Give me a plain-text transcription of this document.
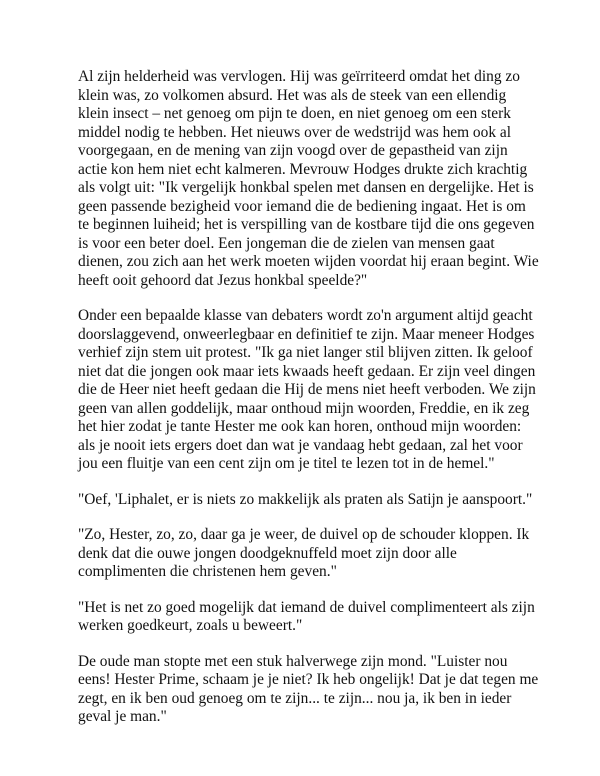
Al zijn helderheid was vervlogen. Hij was geïrriteerd omdat het ding zo klein was, zo volkomen absurd. Het was als de steek van een ellendig klein insect – net genoeg om pijn te doen, en niet genoeg om een sterk middel nodig te hebben. Het nieuws over de wedstrijd was hem ook al voorgegaan, en de mening van zijn voogd over de gepastheid van zijn actie kon hem niet echt kalmeren. Mevrouw Hodges drukte zich krachtig als volgt uit: "Ik vergelijk honkbal spelen met dansen en dergelijke. Het is geen passende bezigheid voor iemand die de bediening ingaat. Het is om te beginnen luiheid; het is verspilling van de kostbare tijd die ons gegeven is voor een beter doel. Een jongeman die de zielen van mensen gaat dienen, zou zich aan het werk moeten wijden voordat hij eraan begint. Wie heeft ooit gehoord dat Jezus honkbal speelde?"

Onder een bepaalde klasse van debaters wordt zo'n argument altijd geacht doorslaggevend, onweerlegbaar en definitief te zijn. Maar meneer Hodges verhief zijn stem uit protest. "Ik ga niet langer stil blijven zitten. Ik geloof niet dat die jongen ook maar iets kwaads heeft gedaan. Er zijn veel dingen die de Heer niet heeft gedaan die Hij de mens niet heeft verboden. We zijn geen van allen goddelijk, maar onthoud mijn woorden, Freddie, en ik zeg het hier zodat je tante Hester me ook kan horen, onthoud mijn woorden: als je nooit iets ergers doet dan wat je vandaag hebt gedaan, zal het voor jou een fluitje van een cent zijn om je titel te lezen tot in de hemel."

"Oef, 'Liphalet, er is niets zo makkelijk als praten als Satijn je aanspoort."

"Zo, Hester, zo, zo, daar ga je weer, de duivel op de schouder kloppen. Ik denk dat die ouwe jongen doodgeknuffeld moet zijn door alle complimenten die christenen hem geven."

"Het is net zo goed mogelijk dat iemand de duivel complimenteert als zijn werken goedkeurt, zoals u beweert."

De oude man stopte met een stuk halverwege zijn mond. "Luister nou eens! Hester Prime, schaam je je niet? Ik heb ongelijk! Dat je dat tegen me zegt, en ik ben oud genoeg om te zijn... te zijn... nou ja, ik ben in ieder geval je man."
